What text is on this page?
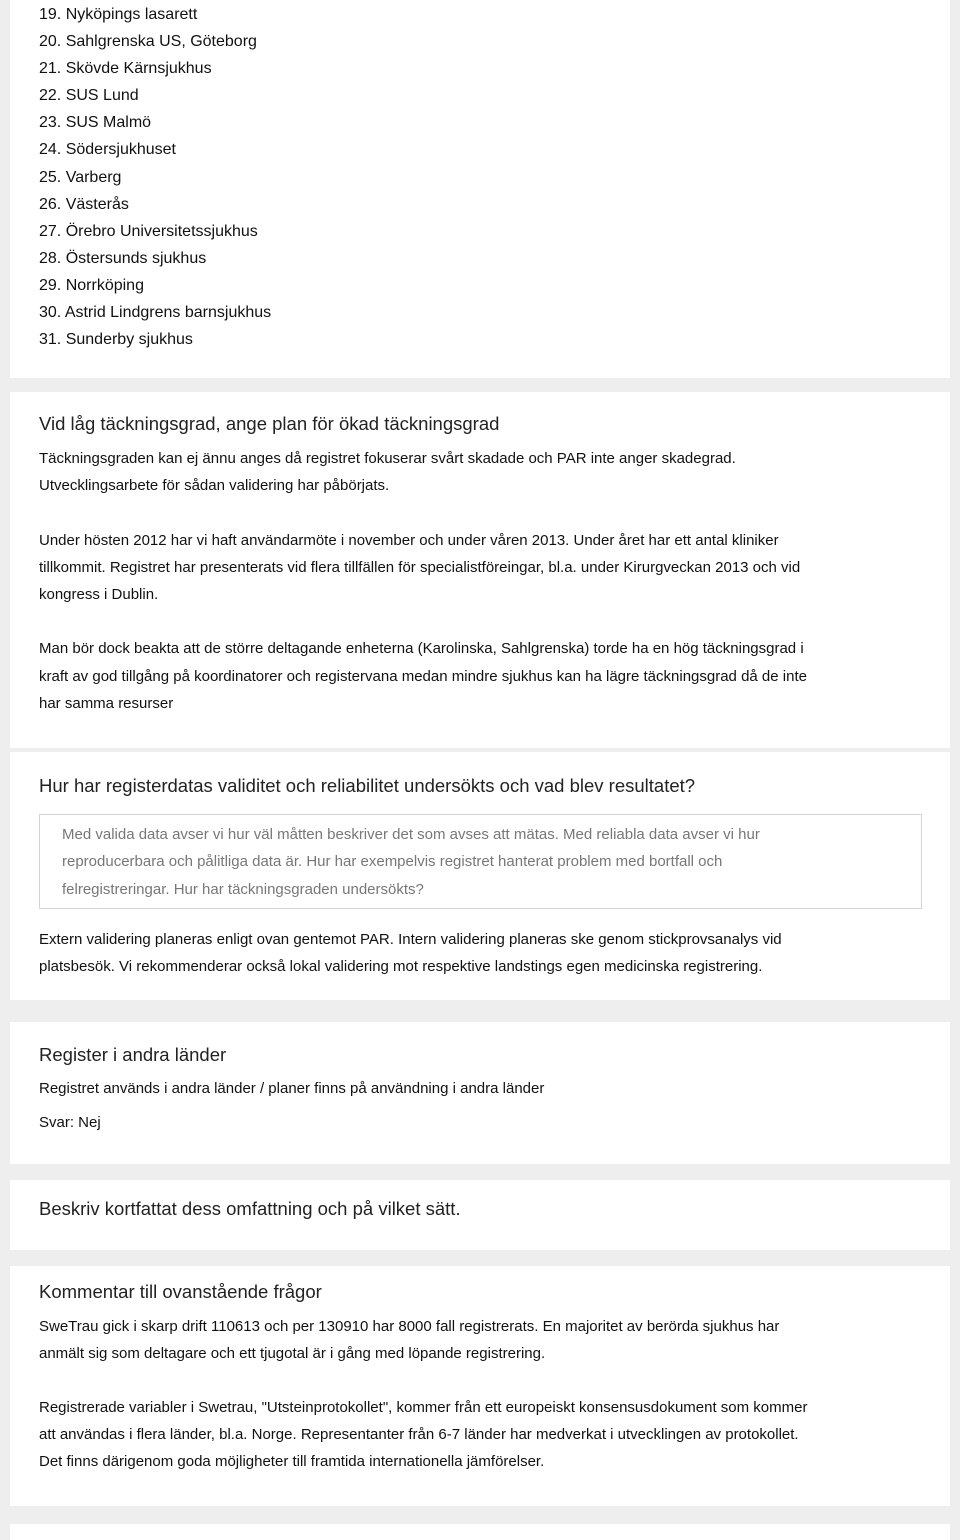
19. Nyköpings lasarett
20. Sahlgrenska US, Göteborg
21. Skövde Kärnsjukhus
22. SUS Lund
23. SUS Malmö
24. Södersjukhuset
25. Varberg
26. Västerås
27. Örebro Universitetssjukhus
28. Östersunds sjukhus
29. Norrköping
30. Astrid Lindgrens barnsjukhus
31. Sunderby sjukhus
Vid låg täckningsgrad, ange plan för ökad täckningsgrad

Täckningsgraden kan ej ännu anges då registret fokuserar svårt skadade och PAR inte anger skadegrad.

Utvecklingsarbete för sådan validering har påbörjats.

Under hösten 2012 har vi haft användarmöte i november och under våren 2013. Under året har ett antal kliniker

tillkommit. Registret har presenterats vid flera tillfällen för specialistföreingar, bl.a. under Kirurgveckan 2013 och vid

kongress i Dublin.

Man bör dock beakta att de större deltagande enheterna (Karolinska, Sahlgrenska) torde ha en hög täckningsgrad i

kraft av god tillgång på koordinatorer och registervana medan mindre sjukhus kan ha lägre täckningsgrad då de inte

har samma resurser

Hur har registerdatas validitet och reliabilitet undersökts och vad blev resultatet?
Med valida data avser vi hur väl måtten beskriver det som avses att mätas. Med reliabla data avser vi hur
reproducerbara och pålitliga data är. Hur har exempelvis registret hanterat problem med bortfall och
felregistreringar. Hur har täckningsgraden undersökts?

Extern validering planeras enligt ovan gentemot PAR. Intern validering planeras ske genom stickprovsanalys vid

platsbesök. Vi rekommenderar också lokal validering mot respektive landstings egen medicinska registrering.

Register i andra länder

Registret används i andra länder / planer finns på användning i andra länder

Svar: Nej

Beskriv kortfattat dess omfattning och på vilket sätt.
Kommentar till ovanstående frågor

SweTrau gick i skarp drift 110613 och per 130910 har 8000 fall registrerats. En majoritet av berörda sjukhus har

anmält sig som deltagare och ett tjugotal är i gång med löpande registrering.

Registrerade variabler i Swetrau, "Utsteinprotokollet", kommer från ett europeiskt konsensusdokument som kommer

att användas i flera länder, bl.a. Norge. Representanter från 6-7 länder har medverkat i utvecklingen av protokollet.

Det finns därigenom goda möjligheter till framtida internationella jämförelser.
